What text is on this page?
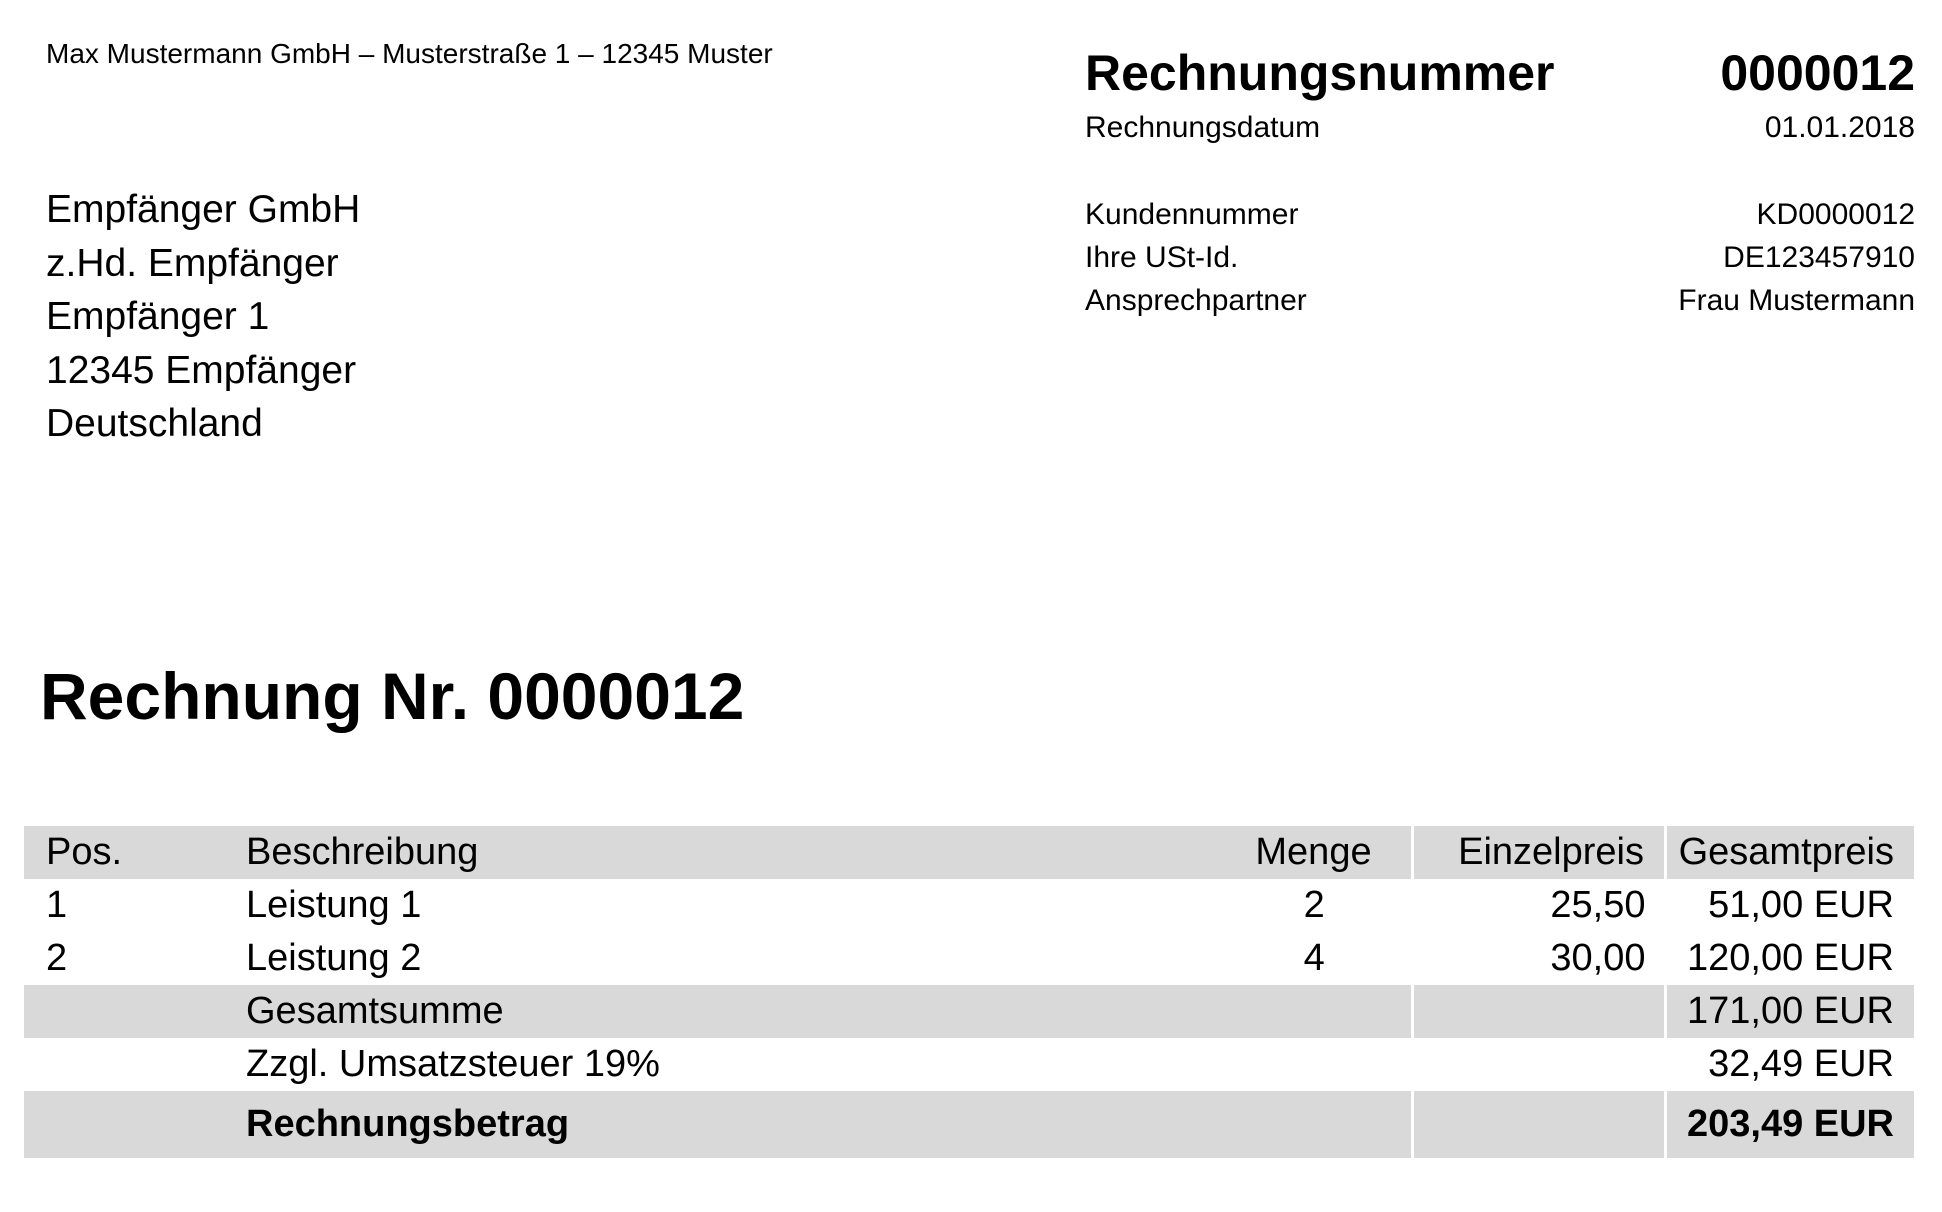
Max Mustermann GmbH – Musterstraße 1 – 12345 Muster
Empfänger GmbH
z.Hd. Empfänger
Empfänger 1
12345 Empfänger
Deutschland
Rechnungsnummer	0000012
Rechnungsdatum	01.01.2018
Kundennummer	KD0000012
Ihre USt-Id.	DE123457910
Ansprechpartner	Frau Mustermann
Rechnung Nr. 0000012
Pos.	Beschreibung	Menge	Einzelpreis	Gesamtpreis
1	Leistung 1	2	25,50	51,00 EUR
2	Leistung 2	4	30,00	120,00 EUR
	Gesamtsumme			171,00 EUR
	Zzgl. Umsatzsteuer 19%			32,49 EUR
	Rechnungsbetrag			203,49 EUR
